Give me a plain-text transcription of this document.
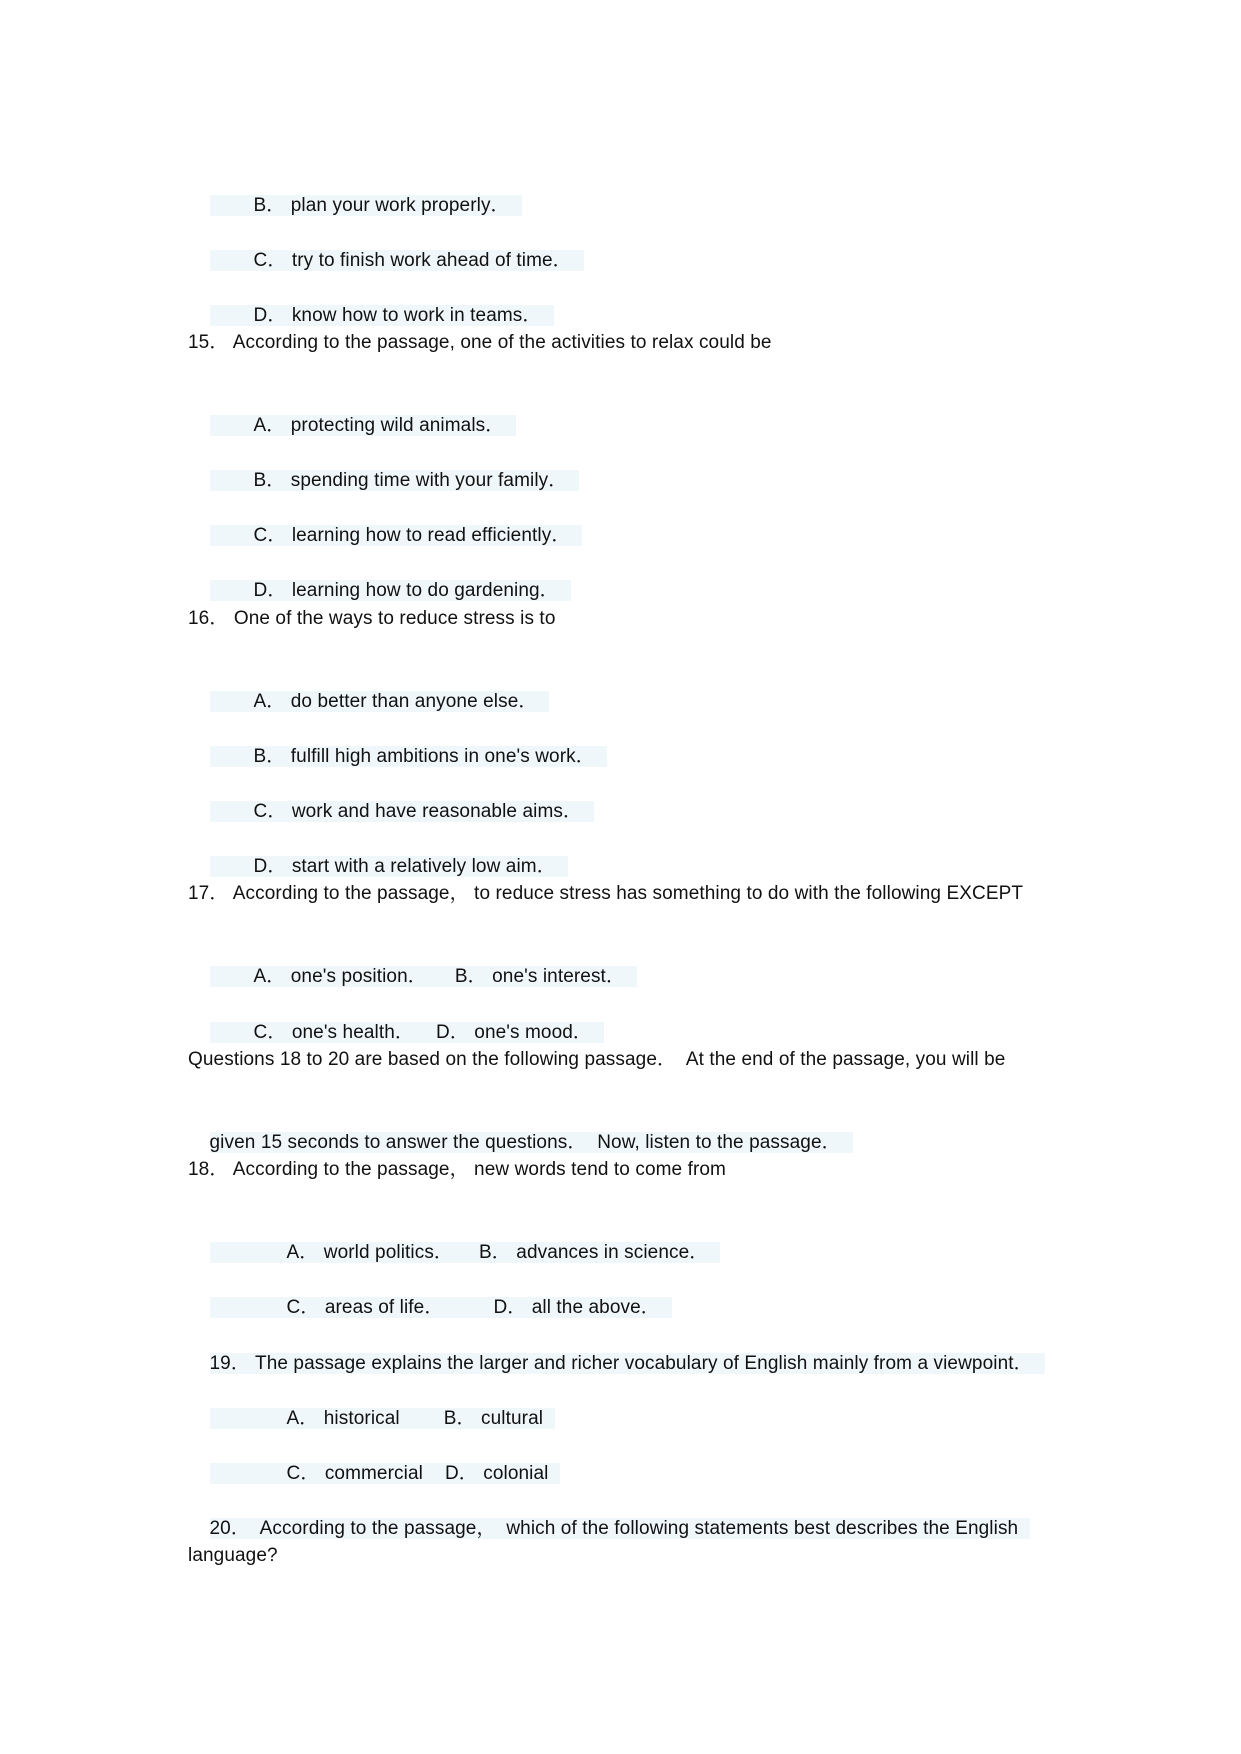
B． plan your work properly．

C． try to finish work ahead of time．

D． know how to work in teams．

15． According to the passage, one of the activities to relax could be

A． protecting wild animals．

B． spending time with your family．

C． learning how to read efficiently．

D． learning how to do gardening．

16． One of the ways to reduce stress is to

A． do better than anyone else．

B． fulfill high ambitions in one's work．

C． work and have reasonable aims．

D． start with a relatively low aim．

17． According to the passage， to reduce stress has something to do with the following EXCEPT

A． one's position． B． one's interest．

C． one's health． D． one's mood．

Questions 18 to 20 are based on the following passage．  At the end of the passage, you will be

given 15 seconds to answer the questions．  Now, listen to the passage．

18． According to the passage， new words tend to come from

A． world politics． B． advances in science．

C． areas of life．	D． all the above．

19． The passage explains the larger and richer vocabulary of English mainly from a viewpoint．

A． historical B． cultural

C． commercial D． colonial

20．  According to the passage，  which of the following statements best describes the English

language?
